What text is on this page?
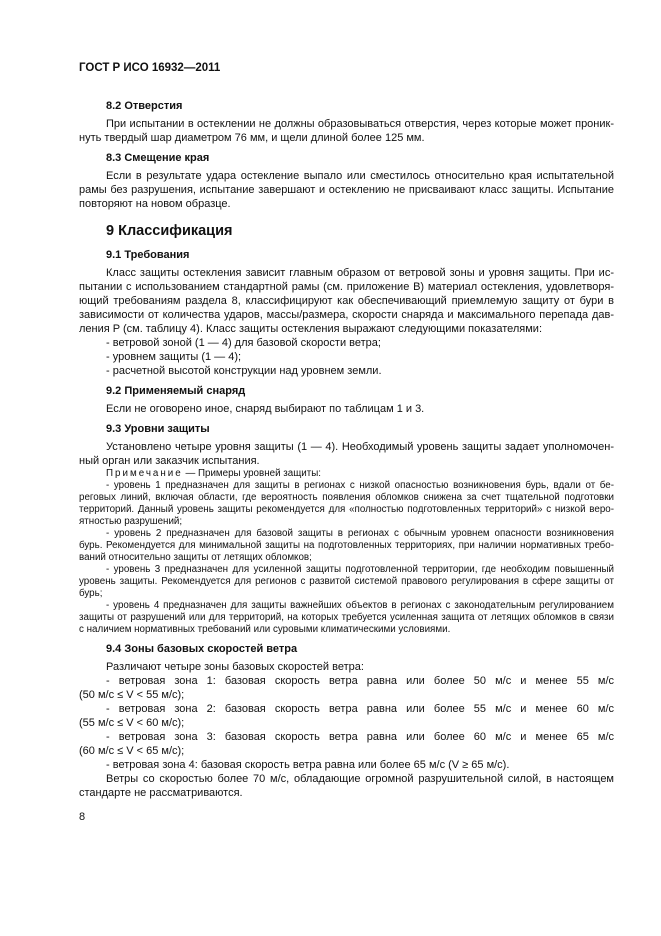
ГОСТ Р ИСО 16932—2011
8.2 Отверстия
При испытании в остеклении не должны образовываться отверстия, через которые может проник-
нуть твердый шар диаметром 76 мм, и щели длиной более 125 мм.
8.3 Смещение края
Если в результате удара остекление выпало или сместилось относительно края испытательной
рамы без разрушения, испытание завершают и остеклению не присваивают класс защиты. Испытание
повторяют на новом образце.
9 Классификация
9.1 Требования
Класс защиты остекления зависит главным образом от ветровой зоны и уровня защиты. При ис-
пытании с использованием стандартной рамы (см. приложение В) материал остекления, удовлетворя-
ющий требованиям раздела 8, классифицируют как обеспечивающий приемлемую защиту от бури в
зависимости от количества ударов, массы/размера, скорости снаряда и максимального перепада дав-
ления P (см. таблицу 4). Класс защиты остекления выражают следующими показателями:
- ветровой зоной (1 — 4) для базовой скорости ветра;
- уровнем защиты (1 — 4);
- расчетной высотой конструкции над уровнем земли.
9.2 Применяемый снаряд
Если не оговорено иное, снаряд выбирают по таблицам 1 и 3.
9.3 Уровни защиты
Установлено четыре уровня защиты (1 — 4). Необходимый уровень защиты задает уполномочен-
ный орган или заказчик испытания.
Примечание — Примеры уровней защиты:
- уровень 1 предназначен для защиты в регионах с низкой опасностью возникновения бурь, вдали от бе-
реговых линий, включая области, где вероятность появления обломков снижена за счет тщательной подготовки
территорий. Данный уровень защиты рекомендуется для «полностью подготовленных территорий» с низкой веро-
ятностью разрушений;
- уровень 2 предназначен для базовой защиты в регионах с обычным уровнем опасности возникновения
бурь. Рекомендуется для минимальной защиты на подготовленных территориях, при наличии нормативных требо-
ваний относительно защиты от летящих обломков;
- уровень 3 предназначен для усиленной защиты подготовленной территории, где необходим повышенный
уровень защиты. Рекомендуется для регионов с развитой системой правового регулирования в сфере защиты от
бурь;
- уровень 4 предназначен для защиты важнейших объектов в регионах с законодательным регулированием
защиты от разрушений или для территорий, на которых требуется усиленная защита от летящих обломков в связи
с наличием нормативных требований или суровыми климатическими условиями.
9.4 Зоны базовых скоростей ветра
Различают четыре зоны базовых скоростей ветра:
- ветровая зона 1: базовая скорость ветра равна или более 50 м/с и менее 55 м/с
(50 м/с ≤ V < 55 м/с);
- ветровая зона 2: базовая скорость ветра равна или более 55 м/с и менее 60 м/с
(55 м/с ≤ V < 60 м/с);
- ветровая зона 3: базовая скорость ветра равна или более 60 м/с и менее 65 м/с
(60 м/с ≤ V < 65 м/с);
- ветровая зона 4: базовая скорость ветра равна или более 65 м/с (V ≥ 65 м/с).
Ветры со скоростью более 70 м/с, обладающие огромной разрушительной силой, в настоящем
стандарте не рассматриваются.
8
